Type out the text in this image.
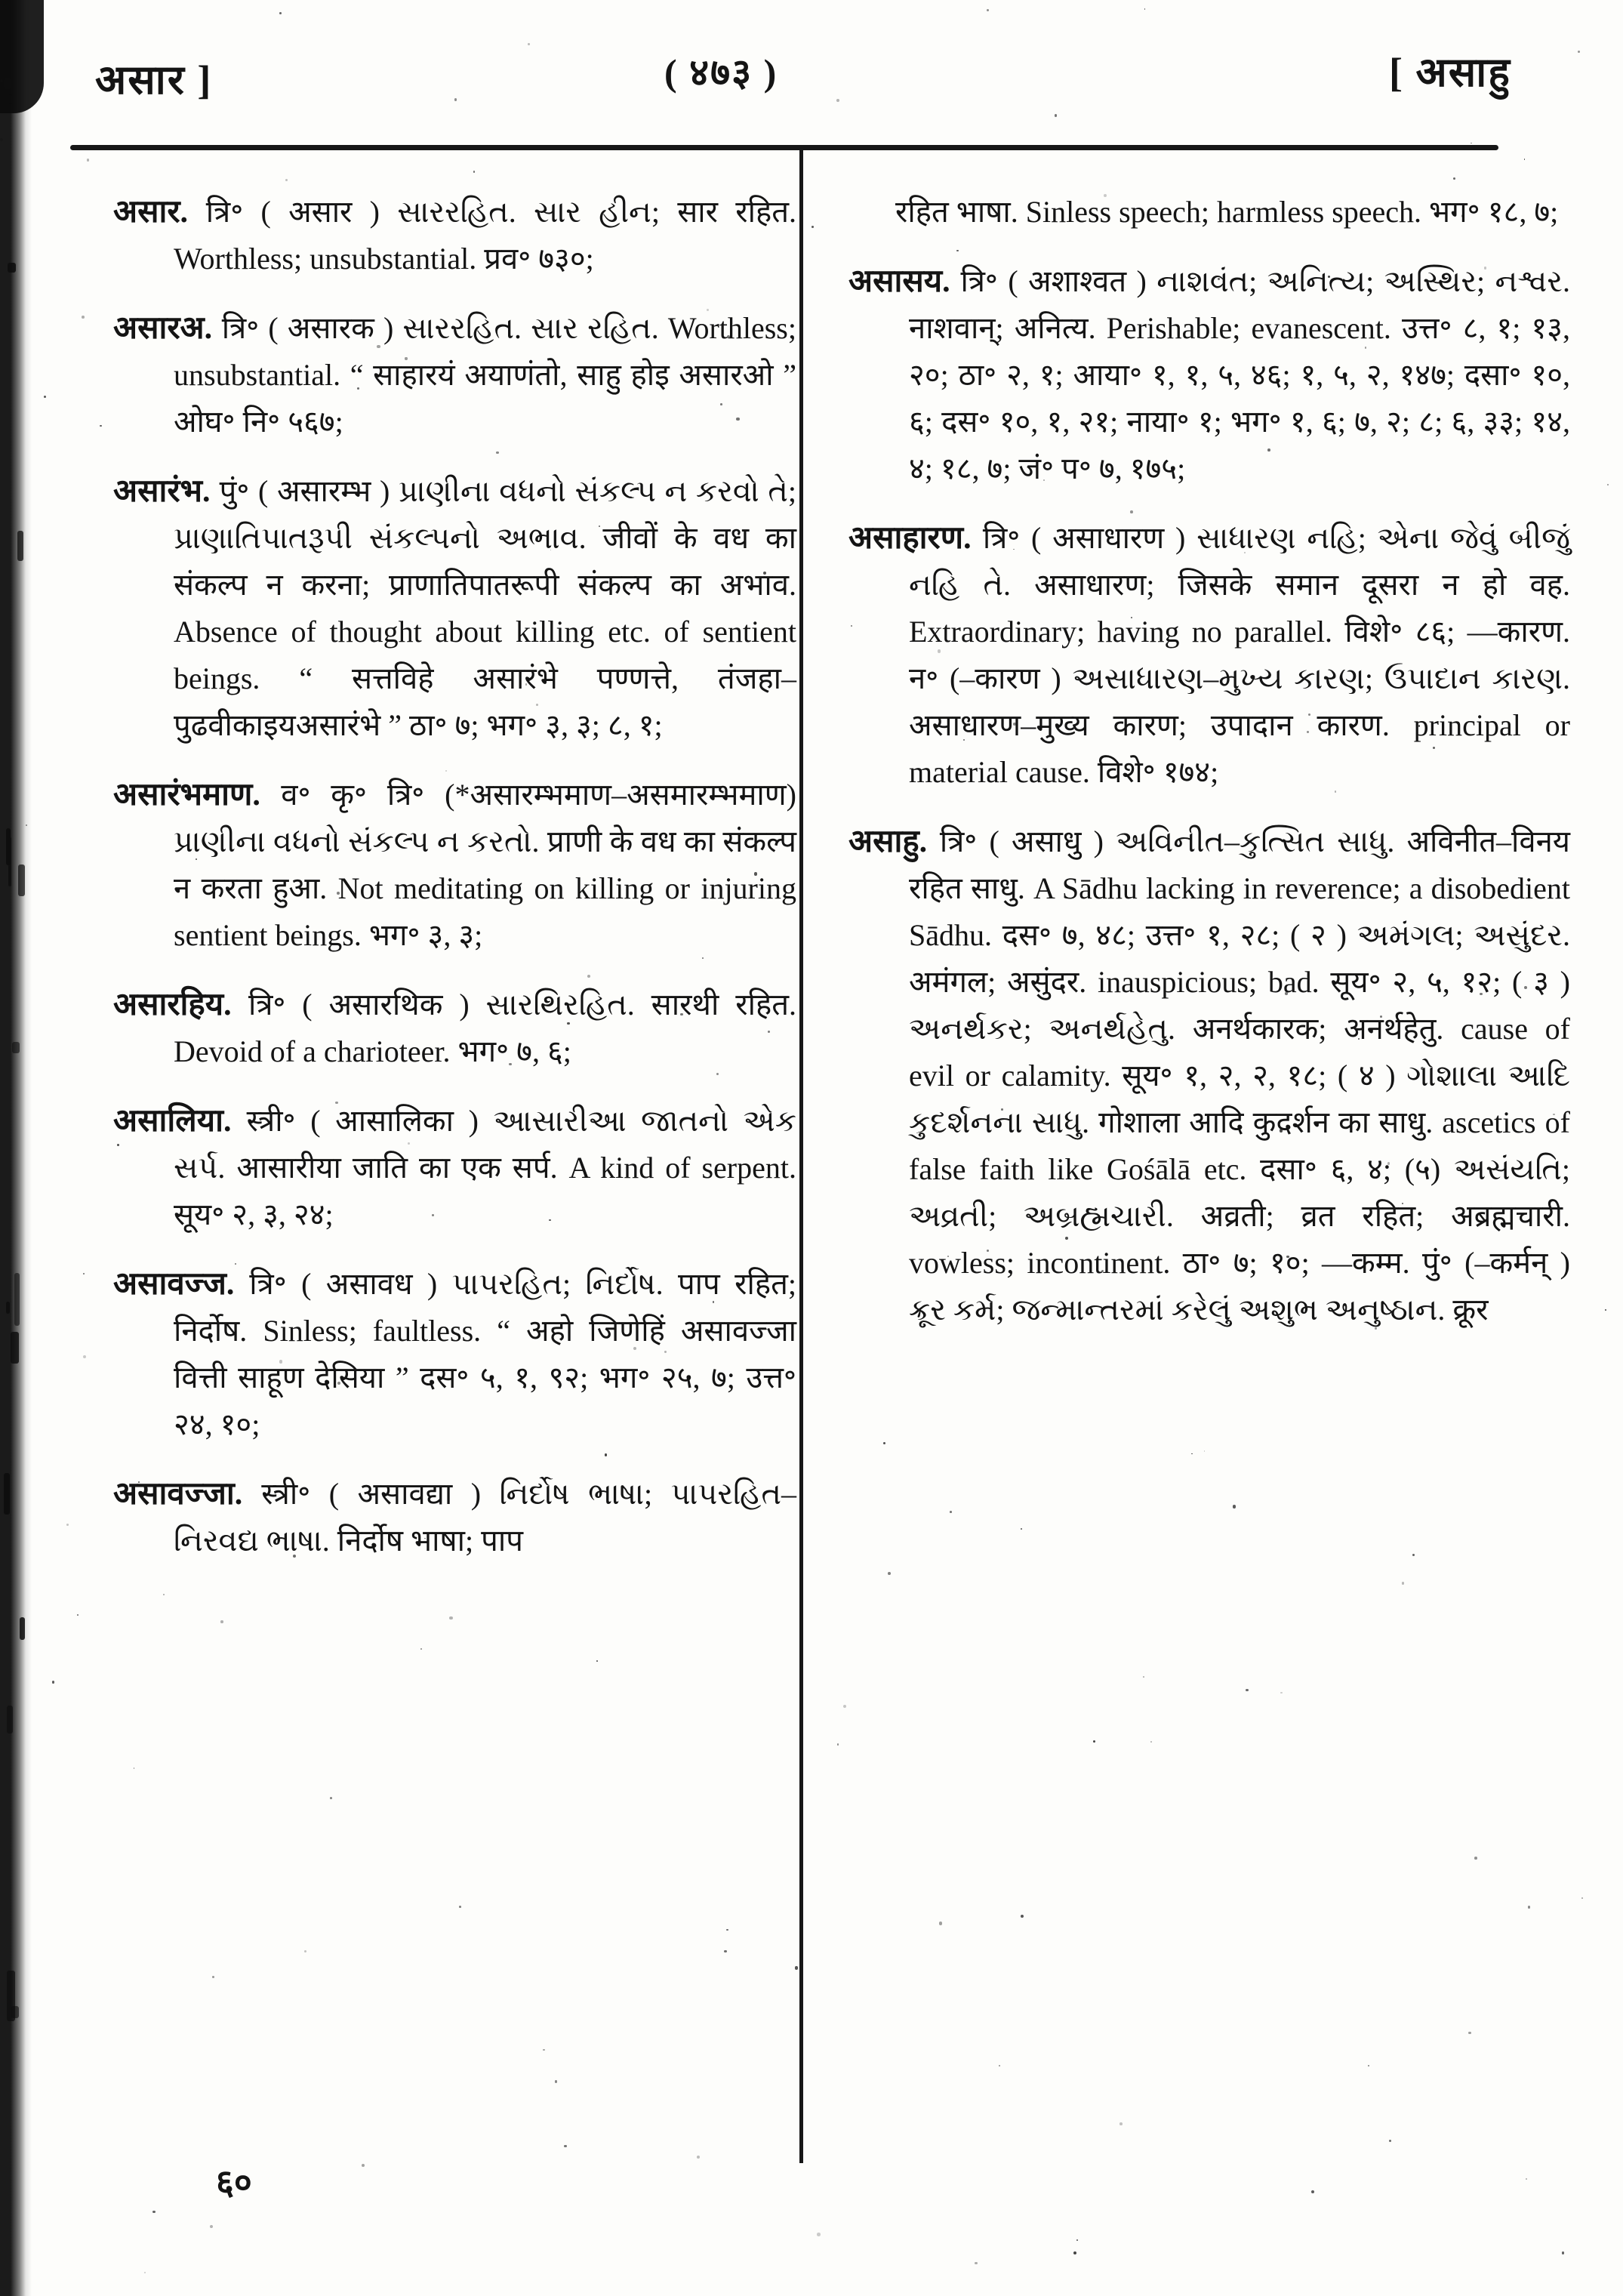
असार ]	( ४७३ )	[ असाहु

असार. त्रि॰ ( असार ) સારરહિત. સાર હીન; सार रहित. Worthless; unsubstantial. प्रव॰ ७३०;

असारअ. त्रि॰ ( असारक ) સારરહિત. સાર રહિત. Worthless; unsubstantial. “ साहारयं अयाणंतो, साहु होइ असारओ ” ओघ॰ नि॰ ५६७;

असारंभ. पुं॰ ( असारम्भ ) પ્રાણીના વધનો સંકલ્પ ન કરવો તે; પ્રાણાતિપાતરૂપી સંકલ્પનો અભાવ. जीवों के वध का संकल्प न करना; प्राणातिपातरूपी संकल्प का अभाव. Absence of thought about killing etc. of sentient beings. “ सत्तविहे असारंभे पण्णत्ते, तंजहा–पुढवीकाइयअसारंभे ” ठा॰ ७; भग॰ ३, ३; ८, १;

असारंभमाण. व॰ कृ॰ त्रि॰ (*असारम्भमाण–असमारम्भमाण) પ્રાણીના વધનો સંકલ્પ ન કરતો. प्राणी के वध का संकल्प न करता हुआ. Not meditating on killing or injuring sentient beings. भग॰ ३, ३;

असारहिय. त्रि॰ ( असारथिक ) સારથિરહિત. सारथी रहित. Devoid of a charioteer. भग॰ ७, ६;

असालिया. स्त्री॰ ( आसालिका ) આસારીઆ જાતનો એક સર્પ. आसारीया जाति का एक सर्प. A kind of serpent. सूय॰ २, ३, २४;

असावज्ज. त्रि॰ ( असावध ) પાપરહિત; નિર્દોષ. पाप रहित; निर्दोष. Sinless; faultless. “ अहो जिणेहिं असावज्जा वित्ती साहूण देसिया ” दस॰ ५, १, ९२; भग॰ २५, ७; उत्त॰ २४, १०;

असावज्जा. स्त्री॰ ( असावद्या ) નિર્દોષ ભાષા; પાપરહિત–નિરવદ્ય ભાષા. निर्दोष भाषा; पाप

रहित भाषा. Sinless speech; harmless speech. भग॰ १८, ७;

असासय. त्रि॰ ( अशाश्वत ) નાશવંત; અનિત્ય; અસ્થિર; નશ્વર. नाशवान्; अनित्य. Perishable; evanescent. उत्त॰ ८, १; १३, २०; ठा॰ २, १; आया॰ १, १, ५, ४६; १, ५, २, १४७; दसा॰ १०, ६; दस॰ १०, १, २१; नाया॰ १; भग॰ १, ६; ७, २; ८; ६, ३३; १४, ४; १८, ७; जं॰ प॰ ७, १७५;

असाहारण. त्रि॰ ( असाधारण ) સાધારણ નહિ; એના જેવું બીજું નહિ તે. असाधारण; जिसके समान दूसरा न हो वह. Extraordinary; having no parallel. विशे॰ ८६; —कारण. न॰ (–कारण ) અસાધારણ–મુખ્ય કારણ; ઉપાદાન કારણ. असाधारण–मुख्य कारण; उपादान कारण. principal or material cause. विशे॰ १७४;

असाहु. त्रि॰ ( असाधु ) અવિનીત–કુત્સિત સાધુ. अविनीत–विनय रहित साधु. A Sādhu lacking in reverence; a disobedient Sādhu. दस॰ ७, ४८; उत्त॰ १, २८; ( २ ) અમંગલ; અસુંદર. अमंगल; असुंदर. inauspicious; bad. सूय॰ २, ५, १२; ( ३ ) અનર્થકર; અનર્થહેતુ. अनर्थकारक; अनर्थहेतु. cause of evil or calamity. सूय॰ १, २, २, १८; ( ४ ) ગોશાલા આદિ કુદર્શનના સાધુ. गोशाला आदि कुदर्शन का साधु. ascetics of false faith like Gośālā etc. दसा॰ ६, ४; (५) અસંયતિ; અવ્રતી; અબ્રહ્મચારી. अव्रती; व्रत रहित; अब्रह्मचारी. vowless; incontinent. ठा॰ ७; १०; —कम्म. पुं॰ (–कर्मन् ) ક્રૂર કર્મ; જન્માન્તરમાં કરેલું અશુભ અનુષ્ઠાન. क्रूर

६०
